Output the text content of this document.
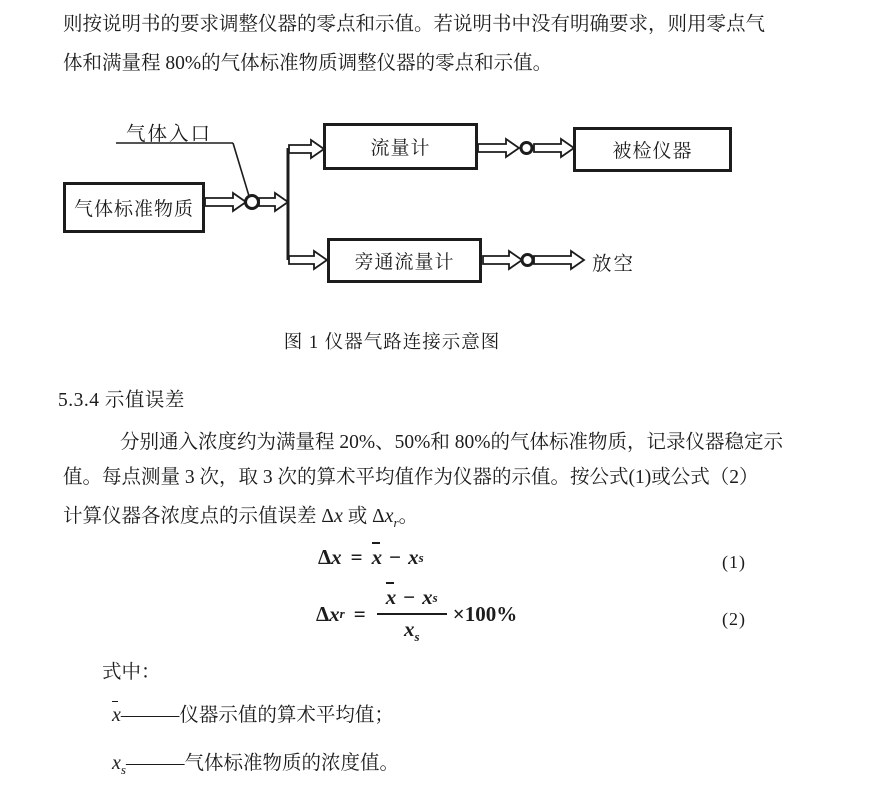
则按说明书的要求调整仪器的零点和示值。若说明书中没有明确要求，则用零点气
体和满量程 80%的气体标准物质调整仪器的零点和示值。
气体入口
气体标准物质
流量计	被检仪器
旁通流量计	放空
图 1 仪器气路连接示意图
5.3.4 示值误差
分别通入浓度约为满量程 20%、50%和 80%的气体标准物质，记录仪器稳定示
值。每点测量 3 次，取 3 次的算术平均值作为仪器的示值。按公式(1)或公式（2）
计算仪器各浓度点的示值误差 Δx 或 $\Delta x_r$。
Δ x = x − x s	(1)
Δ x $r = \frac{\text{x − x s}}{x_s} \times 100\%$	(2)
式中：
x———仪器示值的算术平均值；
$x_s———$气体标准物质的浓度值。
